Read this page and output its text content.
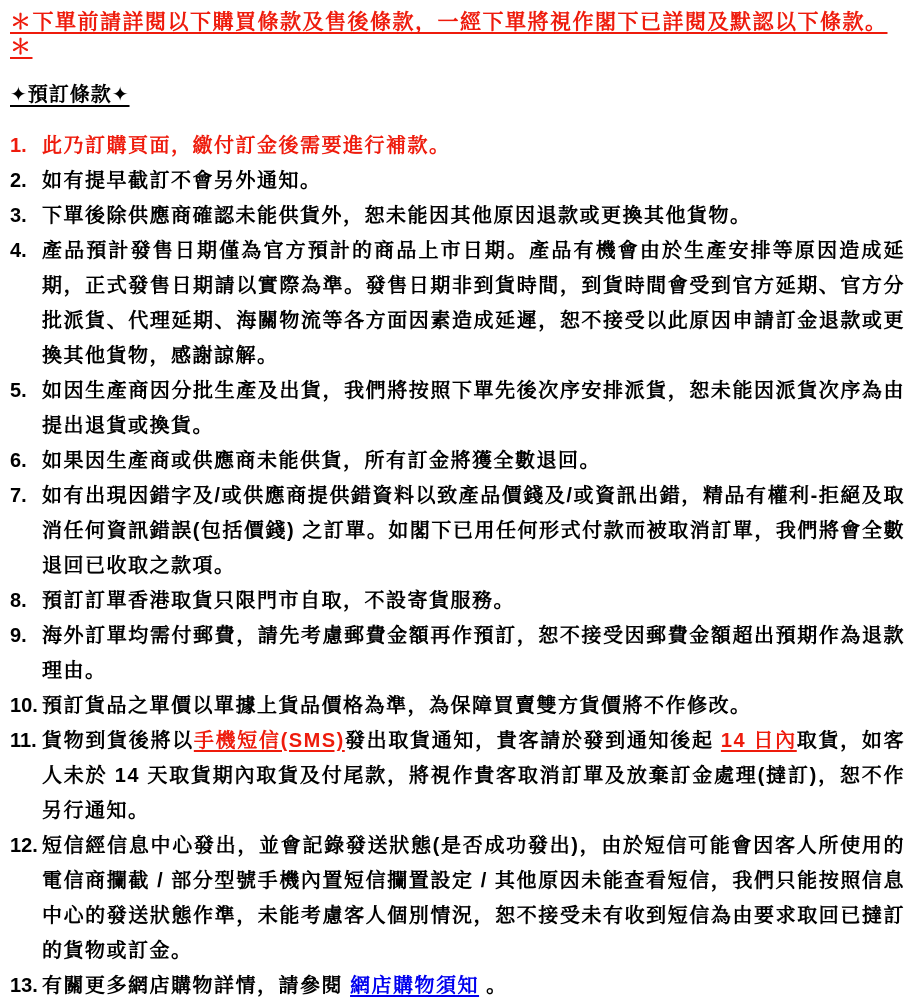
＊下單前請詳閱以下購買條款及售後條款，一經下單將視作閣下已詳閱及默認以下條款。＊
✦預訂條款✦
1. 此乃訂購頁面，繳付訂金後需要進行補款。
2. 如有提早截訂不會另外通知。
3. 下單後除供應商確認未能供貨外，恕未能因其他原因退款或更換其他貨物。
4. 產品預計發售日期僅為官方預計的商品上市日期。產品有機會由於生產安排等原因造成延期，正式發售日期請以實際為準。發售日期非到貨時間，到貨時間會受到官方延期、官方分批派貨、代理延期、海關物流等各方面因素造成延遲，恕不接受以此原因申請訂金退款或更換其他貨物，感謝諒解。
5. 如因生產商因分批生產及出貨，我們將按照下單先後次序安排派貨，恕未能因派貨次序為由提出退貨或換貨。
6. 如果因生產商或供應商未能供貨，所有訂金將獲全數退回。
7. 如有出現因錯字及/或供應商提供錯資料以致產品價錢及/或資訊出錯，精品有權利-拒絕及取消任何資訊錯誤(包括價錢) 之訂單。如閣下已用任何形式付款而被取消訂單，我們將會全數退回已收取之款項。
8. 預訂訂單香港取貨只限門市自取，不設寄貨服務。
9. 海外訂單均需付郵費，請先考慮郵費金額再作預訂，恕不接受因郵費金額超出預期作為退款理由。
10. 預訂貨品之單價以單據上貨品價格為準，為保障買賣雙方貨價將不作修改。
11. 貨物到貨後將以手機短信(SMS)發出取貨通知，貴客請於發到通知後起 14 日內取貨，如客人未於 14 天取貨期內取貨及付尾款，將視作貴客取消訂單及放棄訂金處理(撻訂)，恕不作另行通知。
12. 短信經信息中心發出，並會記錄發送狀態(是否成功發出)，由於短信可能會因客人所使用的電信商攔截 / 部分型號手機內置短信攔置設定 / 其他原因未能查看短信，我們只能按照信息中心的發送狀態作準，未能考慮客人個別情況，恕不接受未有收到短信為由要求取回已撻訂的貨物或訂金。
13. 有關更多網店購物詳情，請參閱 網店購物須知 。
